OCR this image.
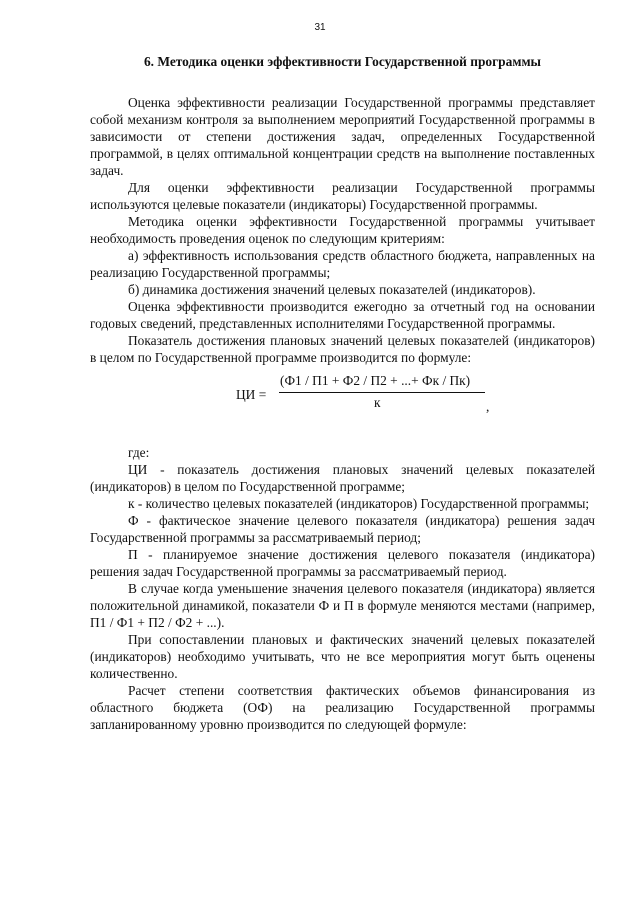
31
6. Методика оценки эффективности Государственной программы

Оценка эффективности реализации Государственной программы представляет собой механизм контроля за выполнением мероприятий Государственной программы в зависимости от степени достижения задач, определенных Государственной программой, в целях оптимальной концентрации средств на выполнение поставленных задач.

Для оценки эффективности реализации Государственной программы используются целевые показатели (индикаторы) Государственной программы.

Методика оценки эффективности Государственной программы учитывает необходимость проведения оценок по следующим критериям:

а) эффективность использования средств областного бюджета, направленных на реализацию Государственной программы;

б) динамика достижения значений целевых показателей (индикаторов).

Оценка эффективности производится ежегодно за отчетный год на основании годовых сведений, представленных исполнителями Государственной программы.

Показатель достижения плановых значений целевых показателей (индикаторов) в целом по Государственной программе производится по формуле:

ЦИ =
(Ф1 / П1 + Ф2 / П2 + ...+ Фк / Пк)
к	,

где:

ЦИ - показатель достижения плановых значений целевых показателей (индикаторов) в целом по Государственной программе;

к - количество целевых показателей (индикаторов) Государственной программы;

Ф - фактическое значение целевого показателя (индикатора) решения задач Государственной программы за рассматриваемый период;

П - планируемое значение достижения целевого показателя (индикатора) решения задач Государственной программы за рассматриваемый период.

В случае когда уменьшение значения целевого показателя (индикатора) является положительной динамикой, показатели Ф и П в формуле меняются местами (например, П1 / Ф1 + П2 / Ф2 + ...).

При сопоставлении плановых и фактических значений целевых показателей (индикаторов) необходимо учитывать, что не все мероприятия могут быть оценены количественно.

Расчет степени соответствия фактических объемов финансирования из областного бюджета (ОФ) на реализацию Государственной программы запланированному уровню производится по следующей формуле:
